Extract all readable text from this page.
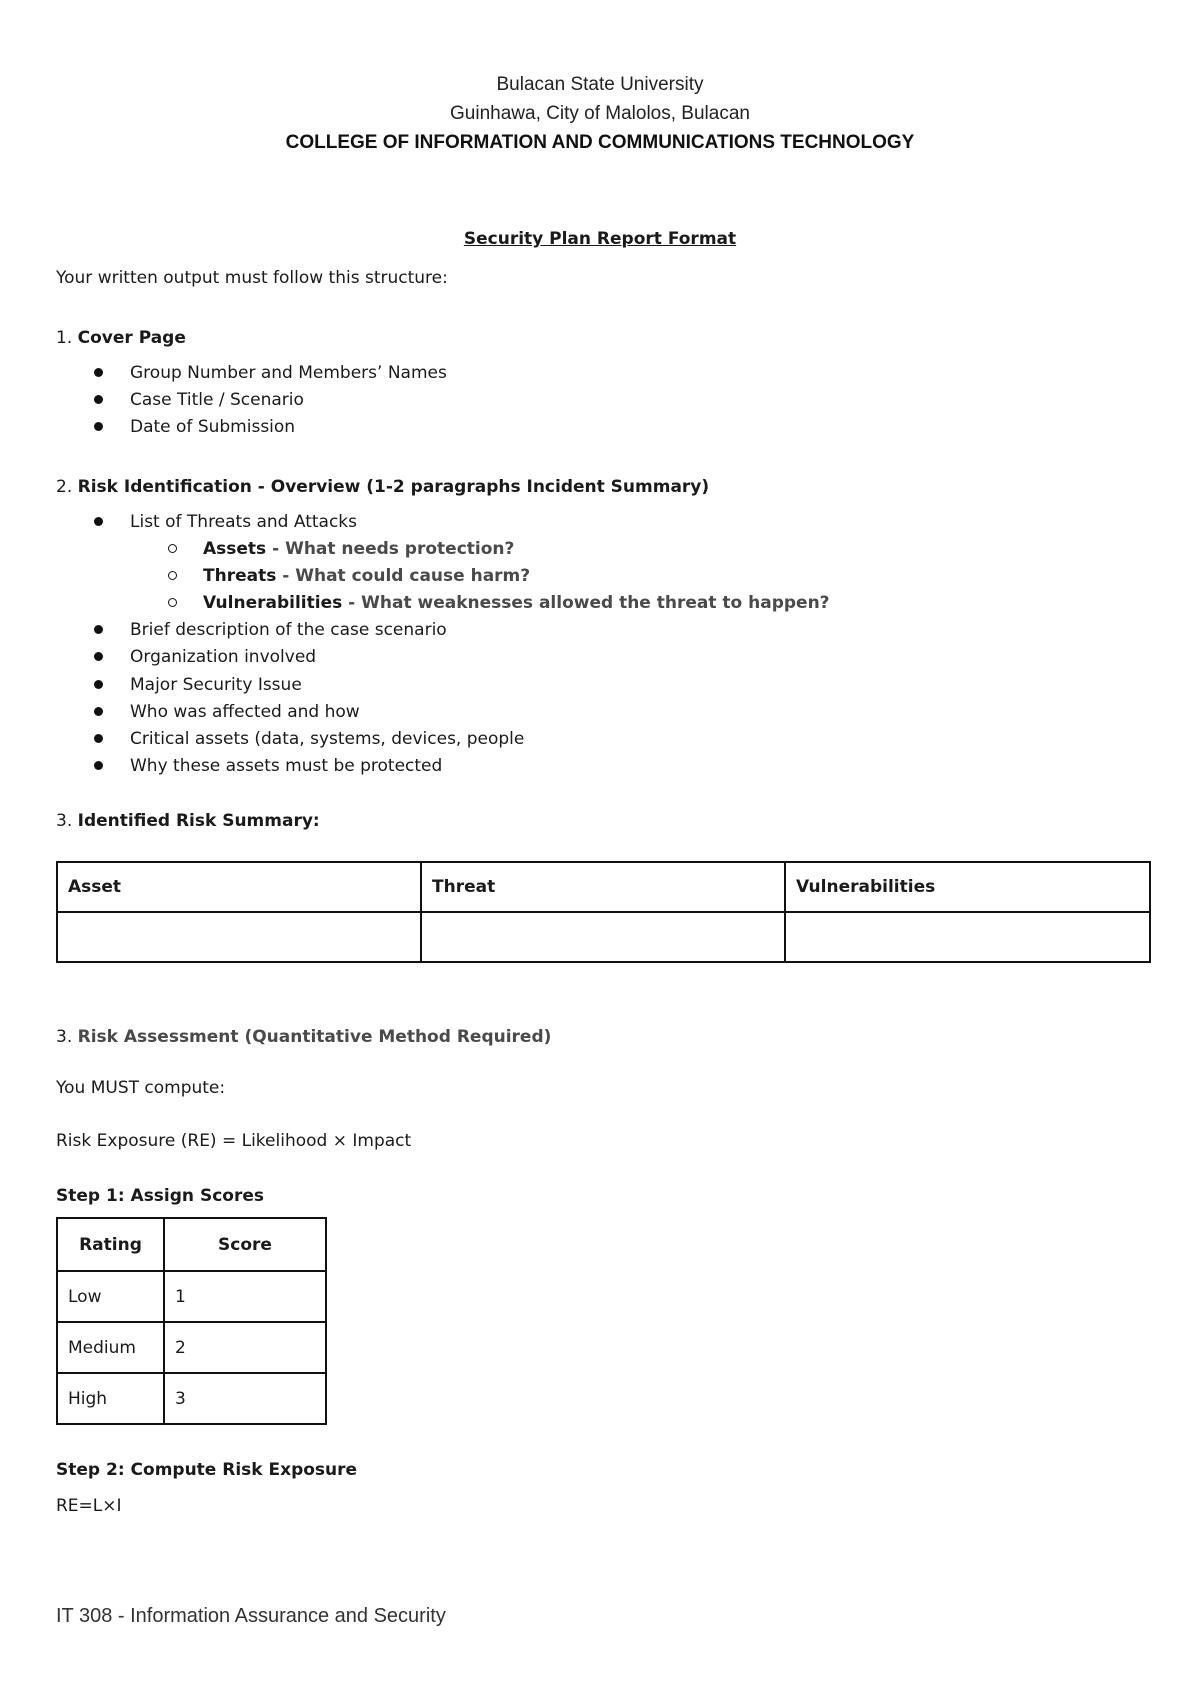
Bulacan State University
Guinhawa, City of Malolos, Bulacan
COLLEGE OF INFORMATION AND COMMUNICATIONS TECHNOLOGY
Security Plan Report Format
Your written output must follow this structure:
1. Cover Page
Group Number and Members’ Names
Case Title / Scenario
Date of Submission
2. Risk Identification - Overview (1-2 paragraphs Incident Summary)
List of Threats and Attacks
Assets - What needs protection?
Threats - What could cause harm?
Vulnerabilities - What weaknesses allowed the threat to happen?
Brief description of the case scenario
Organization involved
Major Security Issue
Who was affected and how
Critical assets (data, systems, devices, people
Why these assets must be protected
3. Identified Risk Summary:
Asset	Threat	Vulnerabilities

3. Risk Assessment (Quantitative Method Required)
You MUST compute:
Risk Exposure (RE) = Likelihood × Impact
Step 1: Assign Scores
Rating	Score
Low	1
Medium	2
High	3
Step 2: Compute Risk Exposure
RE=L×I
IT 308 - Information Assurance and Security
